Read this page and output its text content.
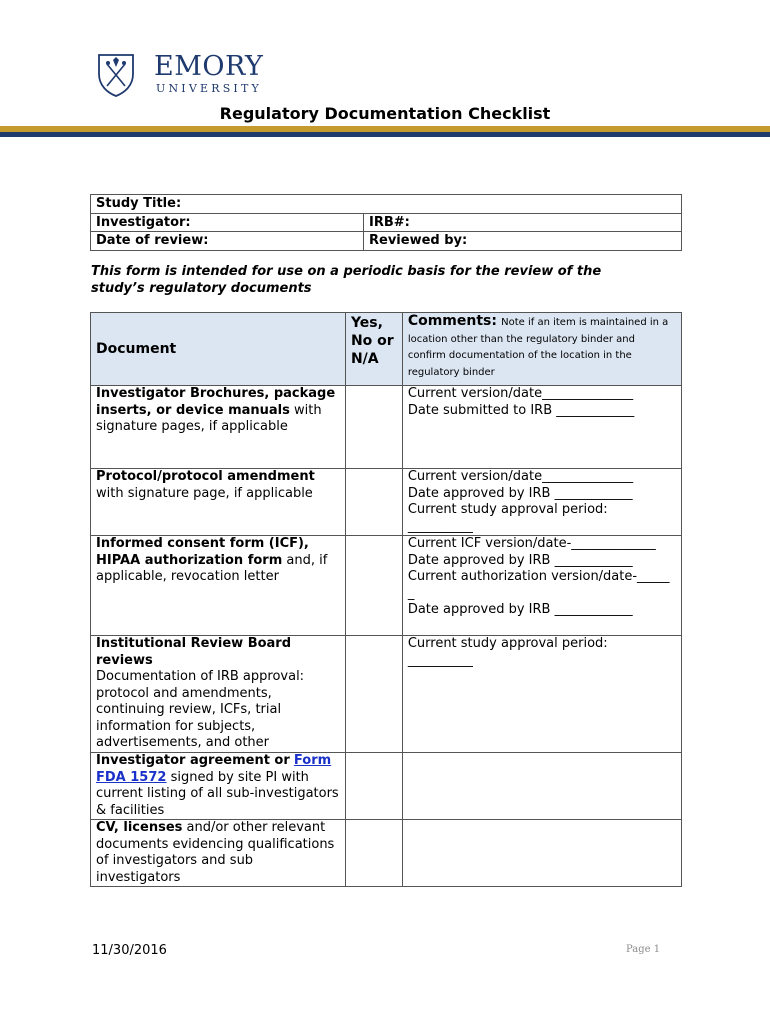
EMORY
UNIVERSITY
Regulatory Documentation Checklist
Study Title:	
Investigator:	IRB#:
Date of review:	Reviewed by:
This form is intended for use on a periodic basis for the review of the study’s regulatory documents
Document	Yes, No or N/A	Comments: Note if an item is maintained in a location other than the regulatory binder and confirm documentation of the location in the regulatory binder
Investigator Brochures, package inserts, or device manuals with signature pages, if applicable		Current version/date______________
Date submitted to IRB ____________

Protocol/protocol amendment with signature page, if applicable		Current version/date______________
Date approved by IRB ____________
Current study approval period: __________

Informed consent form (ICF), HIPAA authorization form and, if applicable, revocation letter		Current ICF version/date-_____________
Date approved by IRB ____________
Current authorization version/date-______
Date approved by IRB ____________

Institutional Review Board reviews
Documentation of IRB approval: protocol and amendments, continuing review, ICFs, trial information for subjects, advertisements, and other		Current study approval period: __________

Investigator agreement or Form FDA 1572 signed by site PI with current listing of all sub-investigators & facilities		
CV, licenses and/or other relevant documents evidencing qualifications of investigators and sub investigators		
11/30/2016	Page 1
